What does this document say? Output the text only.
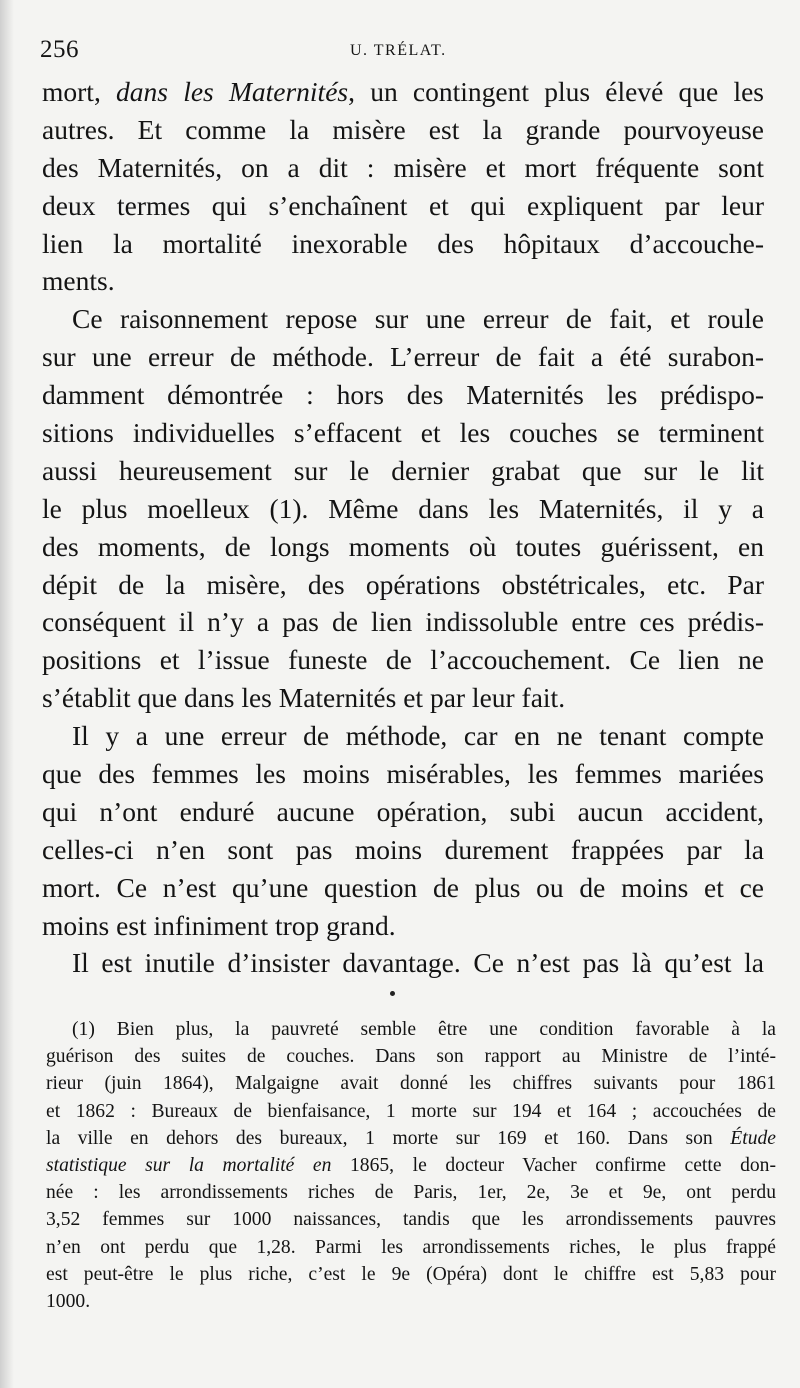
256	U. TRÉLAT.
mort, dans les Maternités, un contingent plus élevé que les
autres. Et comme la misère est la grande pourvoyeuse
des Maternités, on a dit : misère et mort fréquente sont
deux termes qui s’enchaînent et qui expliquent par leur
lien la mortalité inexorable des hôpitaux d’accouche-
ments.
Ce raisonnement repose sur une erreur de fait, et roule
sur une erreur de méthode. L’erreur de fait a été surabon-
damment démontrée : hors des Maternités les prédispo-
sitions individuelles s’effacent et les couches se terminent
aussi heureusement sur le dernier grabat que sur le lit
le plus moelleux (1). Même dans les Maternités, il y a
des moments, de longs moments où toutes guérissent, en
dépit de la misère, des opérations obstétricales, etc. Par
conséquent il n’y a pas de lien indissoluble entre ces prédis-
positions et l’issue funeste de l’accouchement. Ce lien ne
s’établit que dans les Maternités et par leur fait.
Il y a une erreur de méthode, car en ne tenant compte
que des femmes les moins misérables, les femmes mariées
qui n’ont enduré aucune opération, subi aucun accident,
celles-ci n’en sont pas moins durement frappées par la
mort. Ce n’est qu’une question de plus ou de moins et ce
moins est infiniment trop grand.
Il est inutile d’insister davantage. Ce n’est pas là qu’est la
(1) Bien plus, la pauvreté semble être une condition favorable à la
guérison des suites de couches. Dans son rapport au Ministre de l’inté-
rieur (juin 1864), Malgaigne avait donné les chiffres suivants pour 1861
et 1862 : Bureaux de bienfaisance, 1 morte sur 194 et 164 ; accouchées de
la ville en dehors des bureaux, 1 morte sur 169 et 160. Dans son Étude
statistique sur la mortalité en 1865, le docteur Vacher confirme cette don-
née : les arrondissements riches de Paris, 1er, 2e, 3e et 9e, ont perdu
3,52 femmes sur 1000 naissances, tandis que les arrondissements pauvres
n’en ont perdu que 1,28. Parmi les arrondissements riches, le plus frappé
est peut-être le plus riche, c’est le 9e (Opéra) dont le chiffre est 5,83 pour
1000.
